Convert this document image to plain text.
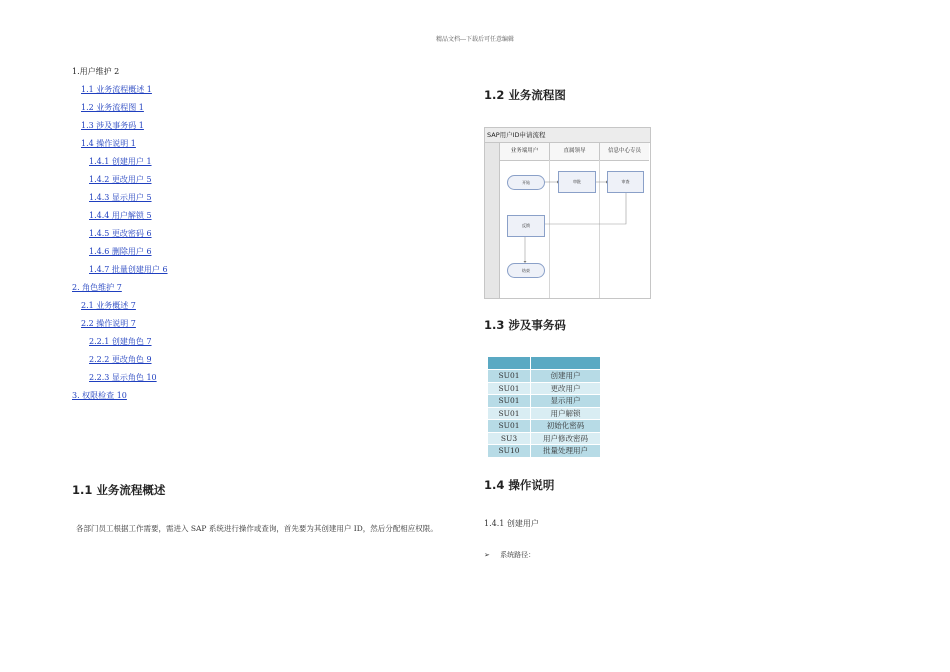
精品文档---下载后可任意编辑
1.用户维护 2
1.1 业务流程概述 1
1.2 业务流程图 1
1.3 涉及事务码 1
1.4 操作说明 1
1.4.1 创建用户 1
1.4.2 更改用户 5
1.4.3 显示用户 5
1.4.4 用户解锁 5
1.4.5 更改密码 6
1.4.6 删除用户 6
1.4.7 批量创建用户 6
2. 角色维护 7
2.1 业务概述 7
2.2 操作说明 7
2.2.1 创建角色 7
2.2.2 更改角色 9
2.2.3 显示角色 10
3. 权限检查 10
1.1 业务流程概述
各部门员工根据工作需要，需进入 SAP 系统进行操作或查询，首先要为其创建用户 ID，然后分配相应权限。
1.2 业务流程图
SAP用户ID申请流程
业务端用户	直属领导	信息中心专员
开始	审批	审查
反馈
结束
1.3 涉及事务码

SU01	创建用户
SU01	更改用户
SU01	显示用户
SU01	用户解锁
SU01	初始化密码
SU3	用户修改密码
SU10	批量处理用户
1.4 操作说明
1.4.1 创建用户
➢ 系统路径：
